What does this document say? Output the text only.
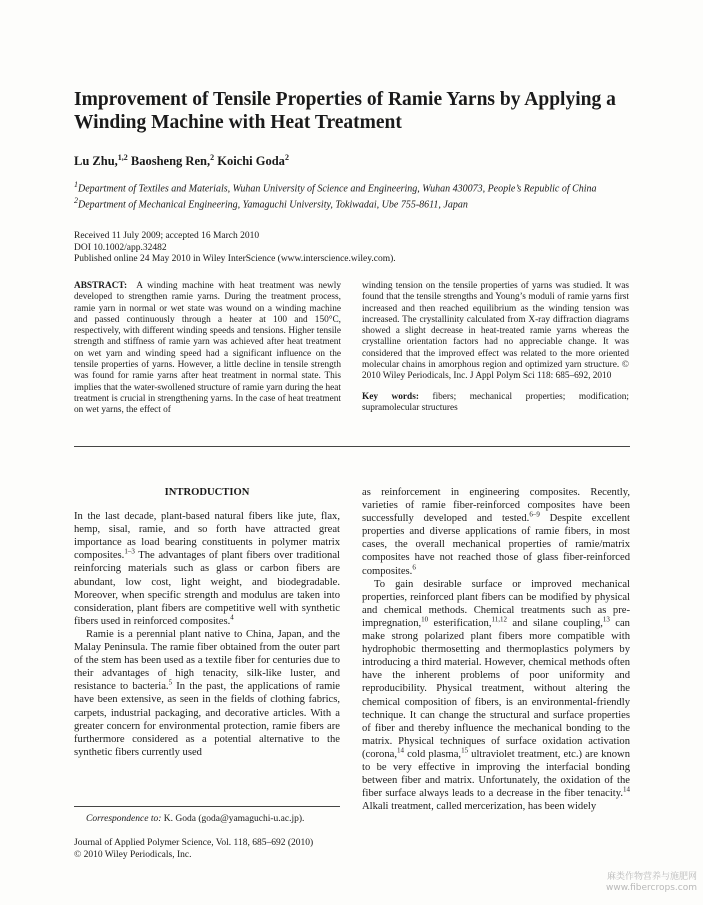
Improvement of Tensile Properties of Ramie Yarns by Applying a Winding Machine with Heat Treatment
Lu Zhu,$^{1,2}$ Baosheng Ren,$^2$ Koichi Goda$^2$
$^1$Department of Textiles and Materials, Wuhan University of Science and Engineering, Wuhan 430073, People’s Republic of China
$^2$Department of Mechanical Engineering, Yamaguchi University, Tokiwadai, Ube 755-8611, Japan
Received 11 July 2009; accepted 16 March 2010
DOI 10.1002/app.32482
Published online 24 May 2010 in Wiley InterScience (www.interscience.wiley.com).
ABSTRACT: A winding machine with heat treatment was newly developed to strengthen ramie yarns. During the treatment process, ramie yarn in normal or wet state was wound on a winding machine and passed continuously through a heater at 100 and 150°C, respectively, with different winding speeds and tensions. Higher tensile strength and stiffness of ramie yarn was achieved after heat treatment on wet yarn and winding speed had a significant influence on the tensile properties of yarns. However, a little decline in tensile strength was found for ramie yarns after heat treatment in normal state. This implies that the water-swollened structure of ramie yarn during the heat treatment is crucial in strengthening yarns. In the case of heat treatment on wet yarns, the effect of
winding tension on the tensile properties of yarns was studied. It was found that the tensile strengths and Young’s moduli of ramie yarns first increased and then reached equilibrium as the winding tension was increased. The crystallinity calculated from X-ray diffraction diagrams showed a slight decrease in heat-treated ramie yarns whereas the crystalline orientation factors had no appreciable change. It was considered that the improved effect was related to the more oriented molecular chains in amorphous region and optimized yarn structure. © 2010 Wiley Periodicals, Inc. J Appl Polym Sci 118: 685–692, 2010
Key words: fibers; mechanical properties; modification; supramolecular structures
INTRODUCTION

In the last decade, plant-based natural fibers like jute, flax, hemp, sisal, ramie, and so forth have attracted great importance as load bearing constituents in polymer matrix composites.$^{1-3}$ The advantages of plant fibers over traditional reinforcing materials such as glass or carbon fibers are abundant, low cost, light weight, and biodegradable. Moreover, when specific strength and modulus are taken into consideration, plant fibers are competitive well with synthetic fibers used in reinforced composites.$^4$

Ramie is a perennial plant native to China, Japan, and the Malay Peninsula. The ramie fiber obtained from the outer part of the stem has been used as a textile fiber for centuries due to their advantages of high tenacity, silk-like luster, and resistance to bacteria.$^5$ In the past, the applications of ramie have been extensive, as seen in the fields of clothing fabrics, carpets, industrial packaging, and decorative articles. With a greater concern for environmental protection, ramie fibers are furthermore considered as a potential alternative to the synthetic fibers currently used

as reinforcement in engineering composites. Recently, varieties of ramie fiber-reinforced composites have been successfully developed and tested.$^{6-9}$ Despite excellent properties and diverse applications of ramie fibers, in most cases, the overall mechanical properties of ramie/matrix composites have not reached those of glass fiber-reinforced composites.$^6$

To gain desirable surface or improved mechanical properties, reinforced plant fibers can be modified by physical and chemical methods. Chemical treatments such as pre-impregnation,$^{10}$ esterification,$^{11,12}$ and silane coupling,$^{13}$ can make strong polarized plant fibers more compatible with hydrophobic thermosetting and thermoplastics polymers by introducing a third material. However, chemical methods often have the inherent problems of poor uniformity and reproducibility. Physical treatment, without altering the chemical composition of fibers, is an environmental-friendly technique. It can change the structural and surface properties of fiber and thereby influence the mechanical bonding to the matrix. Physical techniques of surface oxidation activation (corona,$^{14}$ cold plasma,$^{15}$ ultraviolet treatment, etc.) are known to be very effective in improving the interfacial bonding between fiber and matrix. Unfortunately, the oxidation of the fiber surface always leads to a decrease in the fiber tenacity.$^{14}$ Alkali treatment, called mercerization, has been widely

Correspondence to: K. Goda (goda@yamaguchi-u.ac.jp).
Journal of Applied Polymer Science, Vol. 118, 685–692 (2010)
© 2010 Wiley Periodicals, Inc.
麻类作物营养与施肥网
www.fibercrops.com
